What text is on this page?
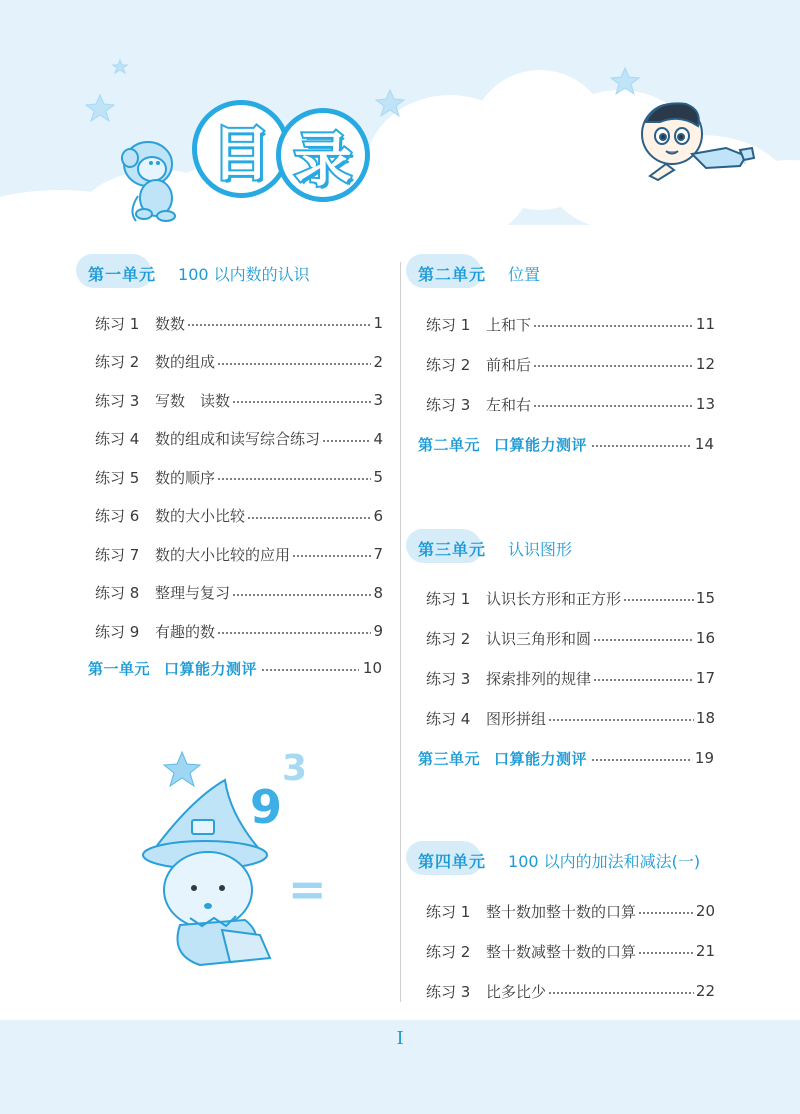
目 录
第一单元 100 以内数的认识
练习 1	数数	1
练习 2	数的组成	2
练习 3	写数　读数	3
练习 4	数的组成和读写综合练习	4
练习 5	数的顺序	5
练习 6	数的大小比较	6
练习 7	数的大小比较的应用	7
练习 8	整理与复习	8
练习 9	有趣的数	9
第一单元 口算能力测评	10
9
3
=
第二单元 位置
练习 1	上和下	11
练习 2	前和后	12
练习 3	左和右	13
第二单元 口算能力测评	14
第三单元 认识图形
练习 1	认识长方形和正方形	15
练习 2	认识三角形和圆	16
练习 3	探索排列的规律	17
练习 4	图形拼组	18
第三单元 口算能力测评	19
第四单元 100 以内的加法和减法(一)
练习 1	整十数加整十数的口算	20
练习 2	整十数减整十数的口算	21
练习 3	比多比少	22
I
